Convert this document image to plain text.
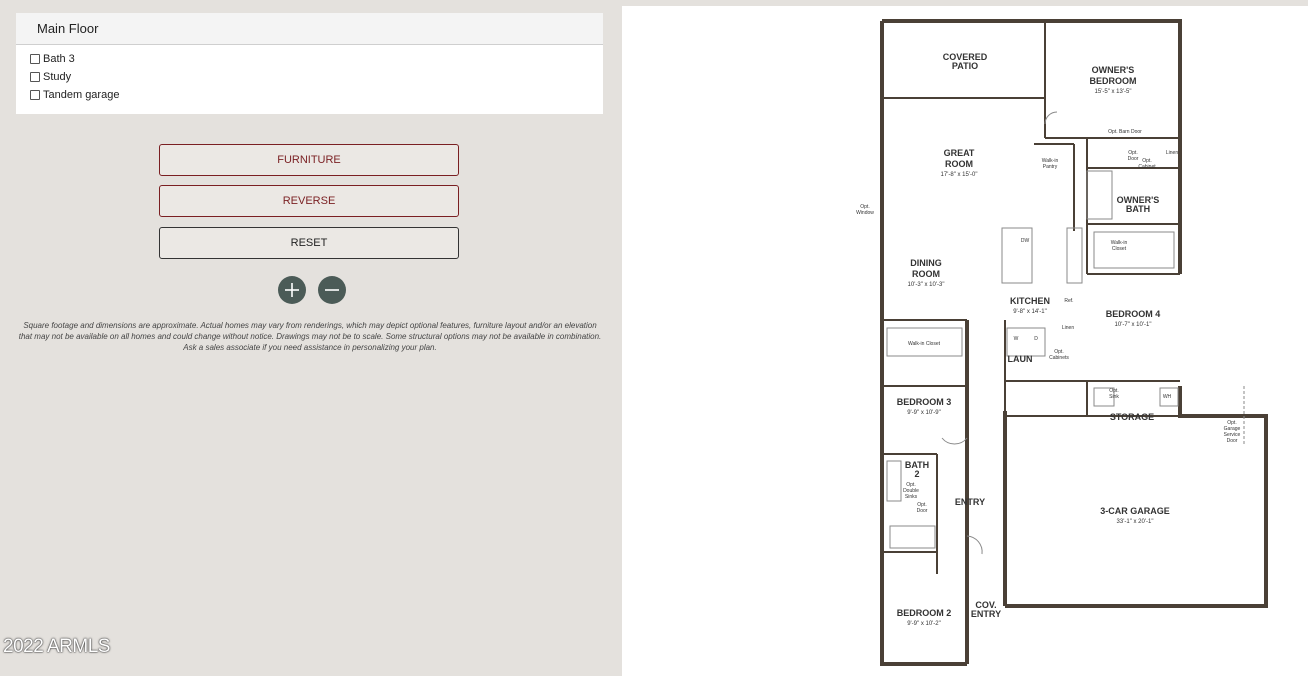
Main Floor
Bath 3
Study
Tandem garage
FURNITURE
REVERSE
RESET
Square footage and dimensions are approximate. Actual homes may vary from renderings, which may depict optional features, furniture layout and/or an elevation that may not be available on all homes and could change without notice. Drawings may not be to scale. Some structural options may not be available in combination. Ask a sales associate if you need assistance in personalizing your plan.
2022 ARMLS
COVERED
PATIO	OWNER'S
BEDROOM
15'-5" x 13'-5"
Opt. Barn Door
GREAT
ROOM
17'-8" x 15'-0"
Opt.
Window
Walk-in
Pantry
Opt.
Door Opt.
Cabinet
Linen
OWNER'S
BATH
Walk-in
Closet
DW
DINING
ROOM
10'-3" x 10'-3"
KITCHEN
9'-8" x 14'-1"
Ref.
BEDROOM 4
10'-7" x 10'-1"
Walk-in Closet
Linen
LAUN
W	D
Opt.
Cabinets
BEDROOM 3
9'-9" x 10'-9"
Opt.
Sink	WH
STORAGE
Opt.
Garage
Service
Door
BATH
2
Opt.
Double
Sinks
Opt.
Door
ENTRY
3-CAR GARAGE
33'-1" x 20'-1"
BEDROOM 2
9'-9" x 10'-2"
COV.
ENTRY
